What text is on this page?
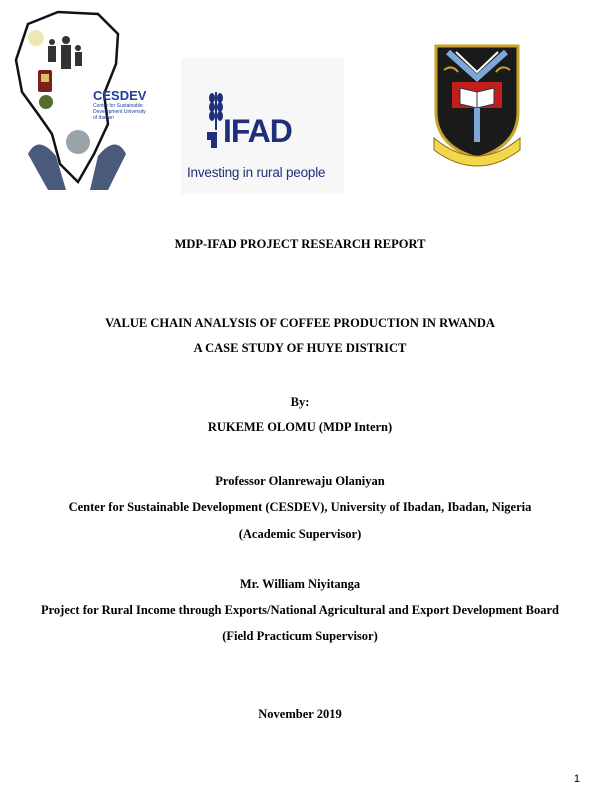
CESDEV
Centre for Sustainable Development University of Ibadan	IFAD
Investing in rural people
MDP-IFAD PROJECT RESEARCH REPORT
VALUE CHAIN ANALYSIS OF COFFEE PRODUCTION IN RWANDA
A CASE STUDY OF HUYE DISTRICT
By:
RUKEME OLOMU (MDP Intern)
Professor Olanrewaju Olaniyan
Center for Sustainable Development (CESDEV), University of Ibadan, Ibadan, Nigeria
(Academic Supervisor)
Mr. William Niyitanga
Project for Rural Income through Exports/National Agricultural and Export Development Board
(Field Practicum Supervisor)
November 2019
1
